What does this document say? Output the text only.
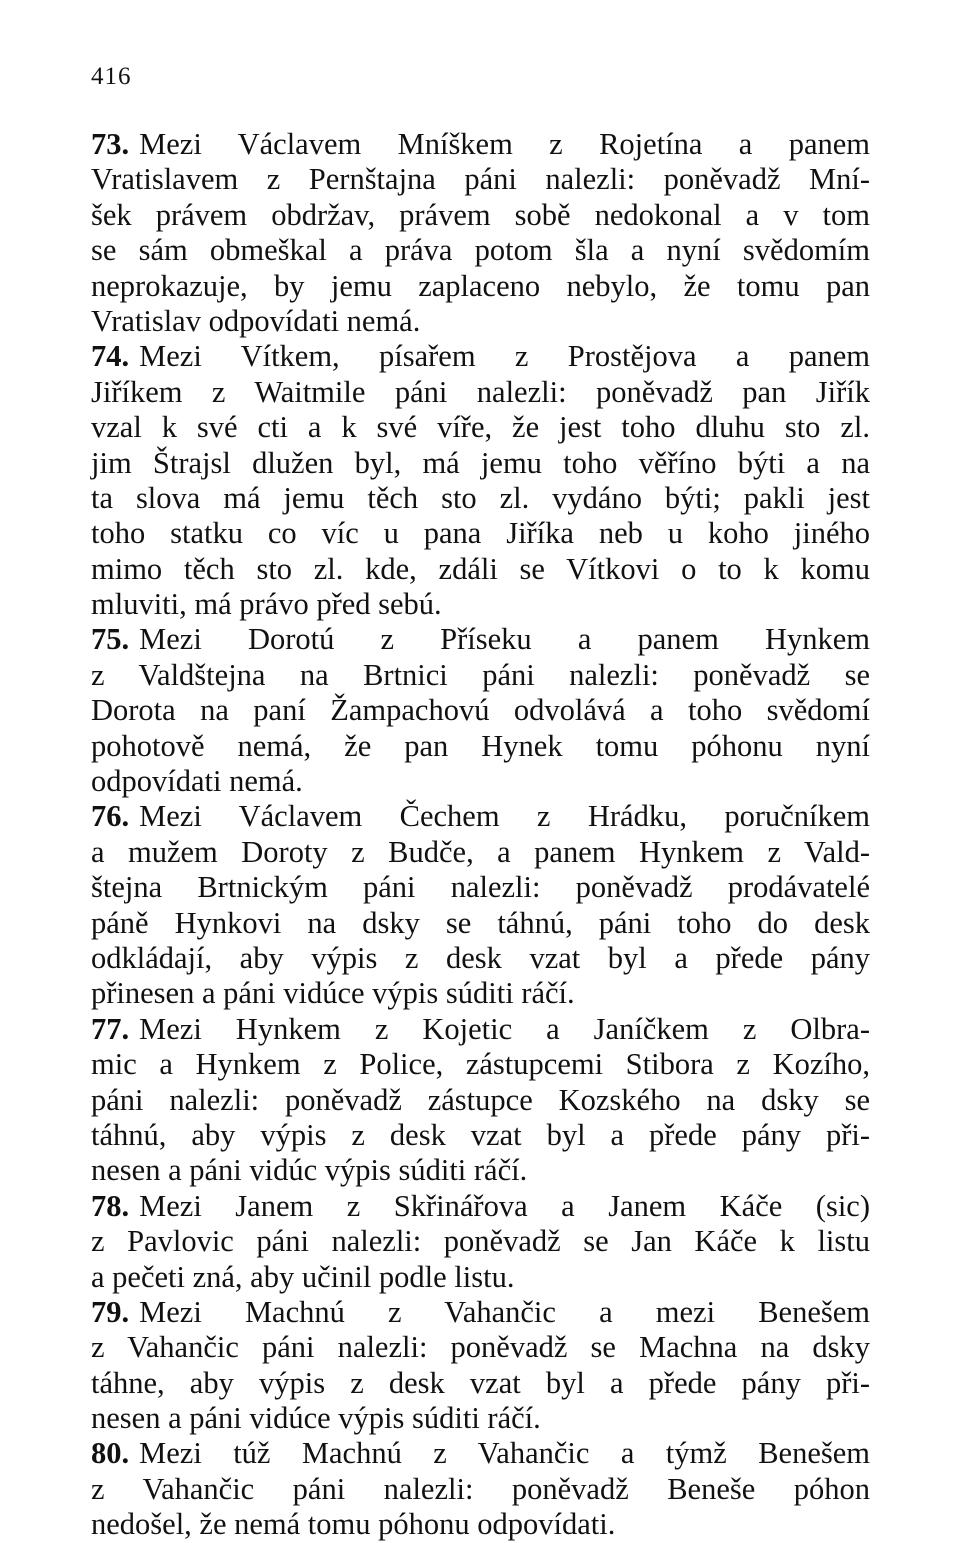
416
73. Mezi Václavem Mníškem z Rojetína a panem
Vratislavem z Pernštajna páni nalezli: poněvadž Mní-
šek právem obdržav, právem sobě nedokonal a v tom
se sám obmeškal a práva potom šla a nyní svědomím
neprokazuje, by jemu zaplaceno nebylo, že tomu pan
Vratislav odpovídati nemá.
74. Mezi Vítkem, písařem z Prostějova a panem
Jiříkem z Waitmile páni nalezli: poněvadž pan Jiřík
vzal k své cti a k své víře, že jest toho dluhu sto zl.
jim Štrajsl dlužen byl, má jemu toho věříno býti a na
ta slova má jemu těch sto zl. vydáno býti; pakli jest
toho statku co víc u pana Jiříka neb u koho jiného
mimo těch sto zl. kde, zdáli se Vítkovi o to k komu
mluviti, má právo před sebú.
75. Mezi Dorotú z Příseku a panem Hynkem
z Valdštejna na Brtnici páni nalezli: poněvadž se
Dorota na paní Žampachovú odvolává a toho svědomí
pohotově nemá, že pan Hynek tomu póhonu nyní
odpovídati nemá.
76. Mezi Václavem Čechem z Hrádku, poručníkem
a mužem Doroty z Budče, a panem Hynkem z Vald-
štejna Brtnickým páni nalezli: poněvadž prodávatelé
páně Hynkovi na dsky se táhnú, páni toho do desk
odkládají, aby výpis z desk vzat byl a přede pány
přinesen a páni vidúce výpis súditi ráčí.
77. Mezi Hynkem z Kojetic a Janíčkem z Olbra-
mic a Hynkem z Police, zástupcemi Stibora z Kozího,
páni nalezli: poněvadž zástupce Kozského na dsky se
táhnú, aby výpis z desk vzat byl a přede pány při-
nesen a páni vidúc výpis súditi ráčí.
78. Mezi Janem z Skřinářova a Janem Káče (sic)
z Pavlovic páni nalezli: poněvadž se Jan Káče k listu
a pečeti zná, aby učinil podle listu.
79. Mezi Machnú z Vahančic a mezi Benešem
z Vahančic páni nalezli: poněvadž se Machna na dsky
táhne, aby výpis z desk vzat byl a přede pány při-
nesen a páni vidúce výpis súditi ráčí.
80. Mezi túž Machnú z Vahančic a týmž Benešem
z Vahančic páni nalezli: poněvadž Beneše póhon
nedošel, že nemá tomu póhonu odpovídati.
